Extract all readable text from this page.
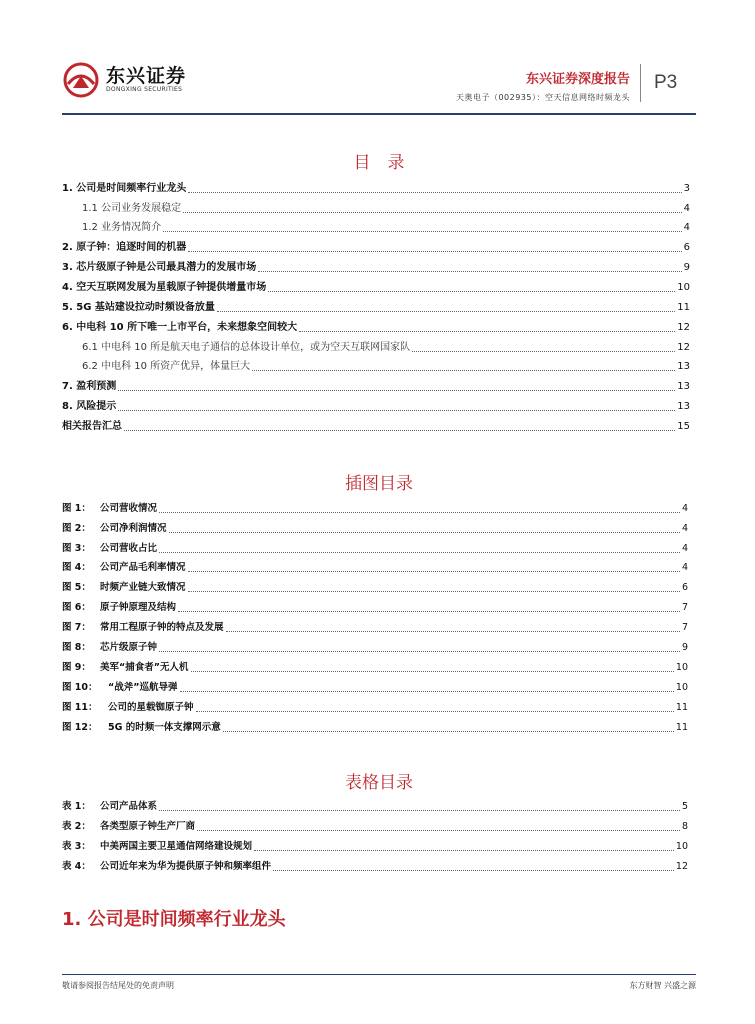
东兴证券
DONGXING SECURITIES
东兴证券深度报告
天奥电子（002935）：空天信息网络时频龙头
P3
目　录
1. 公司是时间频率行业龙头	3
1.1 公司业务发展稳定	4
1.2 业务情况简介	4
2. 原子钟：追逐时间的机器	6
3. 芯片级原子钟是公司最具潜力的发展市场	9
4. 空天互联网发展为星载原子钟提供增量市场	10
5. 5G 基站建设拉动时频设备放量	11
6. 中电科 10 所下唯一上市平台，未来想象空间较大	12
6.1 中电科 10 所是航天电子通信的总体设计单位，或为空天互联网国家队	12
6.2 中电科 10 所资产优异，体量巨大	13
7. 盈利预测	13
8. 风险提示	13
相关报告汇总	15
插图目录
图 1： 公司营收情况	4
图 2： 公司净利润情况	4
图 3： 公司营收占比	4
图 4： 公司产品毛利率情况	4
图 5： 时频产业链大致情况	6
图 6： 原子钟原理及结构	7
图 7： 常用工程原子钟的特点及发展	7
图 8： 芯片级原子钟	9
图 9： 美军“捕食者”无人机	10
图 10：	“战斧”巡航导弹	10
图 11：	公司的星载铷原子钟	11
图 12：	5G 的时频一体支撑网示意	11
表格目录
表 1： 公司产品体系	5
表 2： 各类型原子钟生产厂商	8
表 3： 中美两国主要卫星通信网络建设规划	10
表 4： 公司近年来为华为提供原子钟和频率组件	12
1. 公司是时间频率行业龙头
敬请参阅报告结尾处的免责声明	东方财智 兴盛之源
